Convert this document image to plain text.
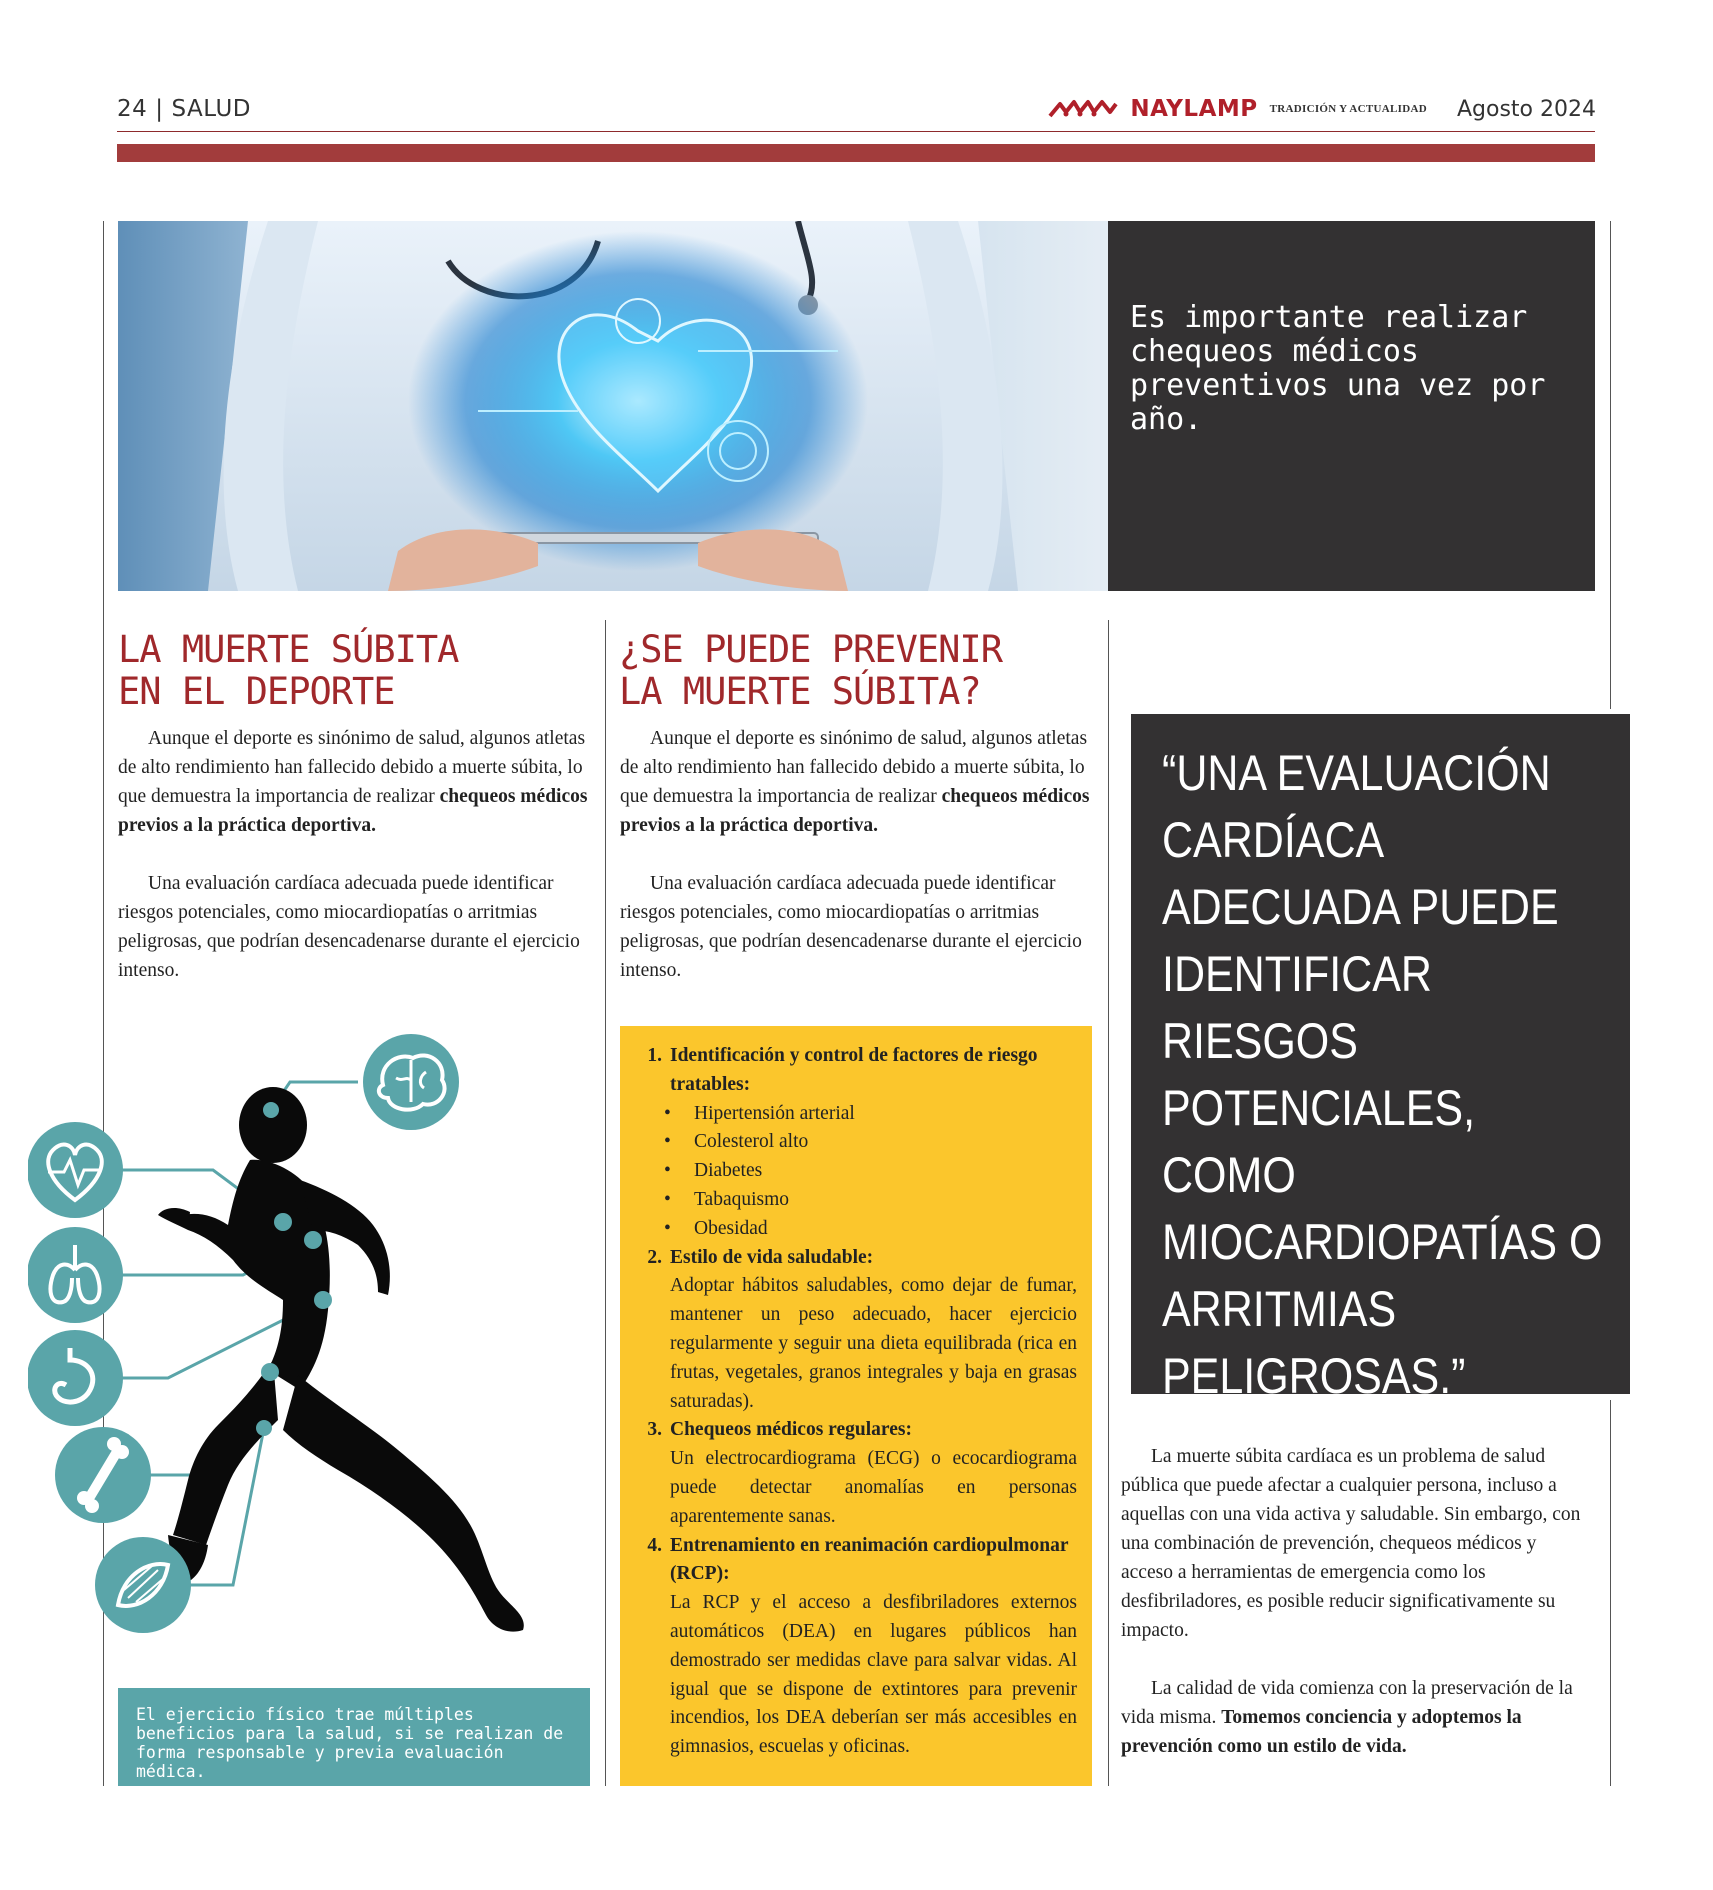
24 | SALUD	NAYLAMP TRADICIÓN Y ACTUALIDAD Agosto 2024
Es importante realizar chequeos médicos preventivos una vez por año.
LA MUERTE SÚBITA
EN EL DEPORTE

Aunque el deporte es sinónimo de salud, algunos atletas de alto rendimiento han fallecido debido a muerte súbita, lo que demuestra la importancia de realizar chequeos médicos previos a la práctica deportiva.

Una evaluación cardíaca adecuada puede identificar riesgos potenciales, como miocardiopatías o arritmias peligrosas, que podrían desencadenarse durante el ejercicio intenso.

¿SE PUEDE PREVENIR
LA MUERTE SÚBITA?

Aunque el deporte es sinónimo de salud, algunos atletas de alto rendimiento han fallecido debido a muerte súbita, lo que demuestra la importancia de realizar chequeos médicos previos a la práctica deportiva.

Una evaluación cardíaca adecuada puede identificar riesgos potenciales, como miocardiopatías o arritmias peligrosas, que podrían desencadenarse durante el ejercicio intenso.

El ejercicio físico trae múltiples beneficios para la salud, si se realizan de forma responsable y previa evaluación médica.
1. Identificación y control de factores de riesgo tratables:
•	Hipertensión arterial
•	Colesterol alto
•	Diabetes
•	Tabaquismo
•	Obesidad
2. Estilo de vida saludable:
Adoptar hábitos saludables, como dejar de fumar, mantener un peso adecuado, hacer ejercicio regularmente y seguir una dieta equilibrada (rica en frutas, vegetales, granos integrales y baja en grasas saturadas).
3. Chequeos médicos regulares:
Un electrocardiograma (ECG) o ecocardiograma puede detectar anomalías en personas aparentemente sanas.
4. Entrenamiento en reanimación cardiopulmonar (RCP):
La RCP y el acceso a desfibriladores externos automáticos (DEA) en lugares públicos han demostrado ser medidas clave para salvar vidas. Al igual que se dispone de extintores para prevenir incendios, los DEA deberían ser más accesibles en gimnasios, escuelas y oficinas.
“UNA EVALUACIÓN CARDÍACA ADECUADA PUEDE IDENTIFICAR RIESGOS POTENCIALES, COMO MIOCARDIOPATÍAS O ARRITMIAS PELIGROSAS.”

La muerte súbita cardíaca es un problema de salud pública que puede afectar a cualquier persona, incluso a aquellas con una vida activa y saludable. Sin embargo, con una combinación de prevención, chequeos médicos y acceso a herramientas de emergencia como los desfibriladores, es posible reducir significativamente su impacto.

La calidad de vida comienza con la preservación de la vida misma. Tomemos conciencia y adoptemos la prevención como un estilo de vida.
